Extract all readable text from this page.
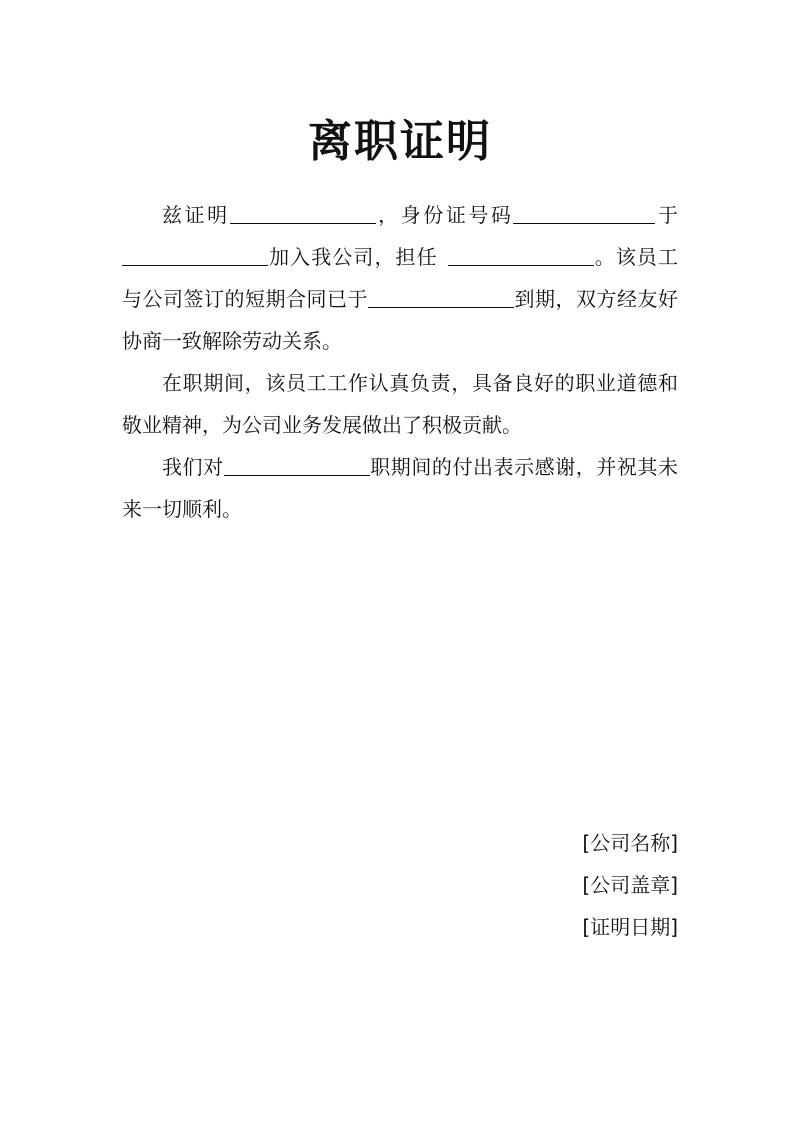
离职证明

兹证明	，身份证号码	于加入我公司，担任	。该员工与公司签订的短期合同已于	到期，双方经友好协商一致解除劳动关系。

在职期间，该员工工作认真负责，具备良好的职业道德和敬业精神，为公司业务发展做出了积极贡献。

我们对	职期间的付出表示感谢，并祝其未来一切顺利。

[公司名称]
[公司盖章]
[证明日期]
